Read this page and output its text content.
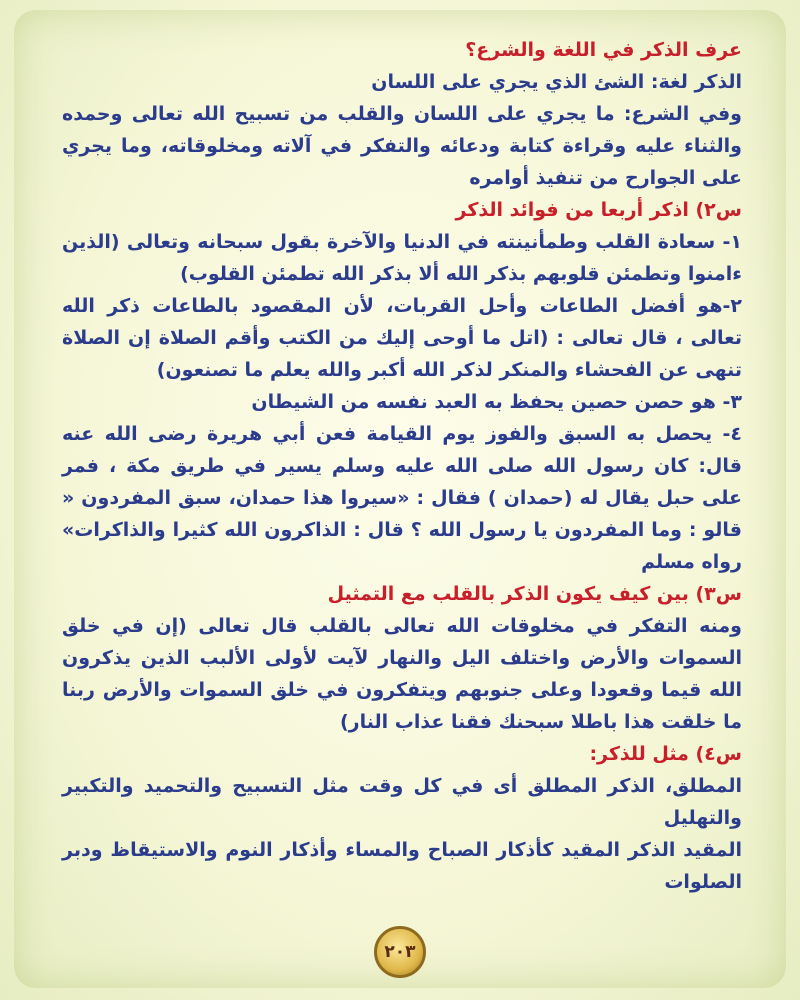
عرف الذكر في اللغة والشرع؟

الذكر لغة: الشئ الذي يجري على اللسان

وفي الشرع: ما يجري على اللسان والقلب من تسبيح الله تعالى وحمده والثناء عليه وقراءة كتابة ودعائه والتفكر في آلاته ومخلوقاته، وما يجري على الجوارح من تنفيذ أوامره

س٢) اذكر أربعا من فوائد الذكر

١- سعادة القلب وطمأنينته في الدنيا والآخرة بقول سبحانه وتعالى (الذين ءامنوا وتطمئن قلوبهم بذكر الله ألا بذكر الله تطمئن القلوب)

٢-هو أفضل الطاعات وأحل القربات، لأن المقصود بالطاعات ذكر الله تعالى ، قال تعالى : (اتل ما أوحى إليك من الكتب وأقم الصلاة إن الصلاة تنهى عن الفحشاء والمنكر لذكر الله أكبر والله يعلم ما تصنعون)

٣- هو حصن حصين يحفظ به العبد نفسه من الشيطان

٤- يحصل به السبق والفوز يوم القيامة فعن أبي هريرة رضى الله عنه قال: كان رسول الله صلى الله عليه وسلم يسير في طريق مكة ، فمر على حبل يقال له (حمدان ) فقال : «سيروا هذا حمدان، سبق المفردون « قالو : وما المفردون يا رسول الله ؟ قال : الذاكرون الله كثيرا والذاكرات» رواه مسلم

س٣) بين كيف يكون الذكر بالقلب مع التمثيل

ومنه التفكر في مخلوقات الله تعالى بالقلب قال تعالى (إن في خلق السموات والأرض واختلف اليل والنهار لآيت لأولى الألبب الذين يذكرون الله قيما وقعودا وعلى جنوبهم ويتفكرون في خلق السموات والأرض ربنا ما خلقت هذا باطلا سبحنك فقنا عذاب النار)

س٤) مثل للذكر:

المطلق، الذكر المطلق أى في كل وقت مثل التسبيح والتحميد والتكبير والتهليل

المقيد الذكر المقيد كأذكار الصباح والمساء وأذكار النوم والاستيقاظ ودبر الصلوات

٢٠٣
